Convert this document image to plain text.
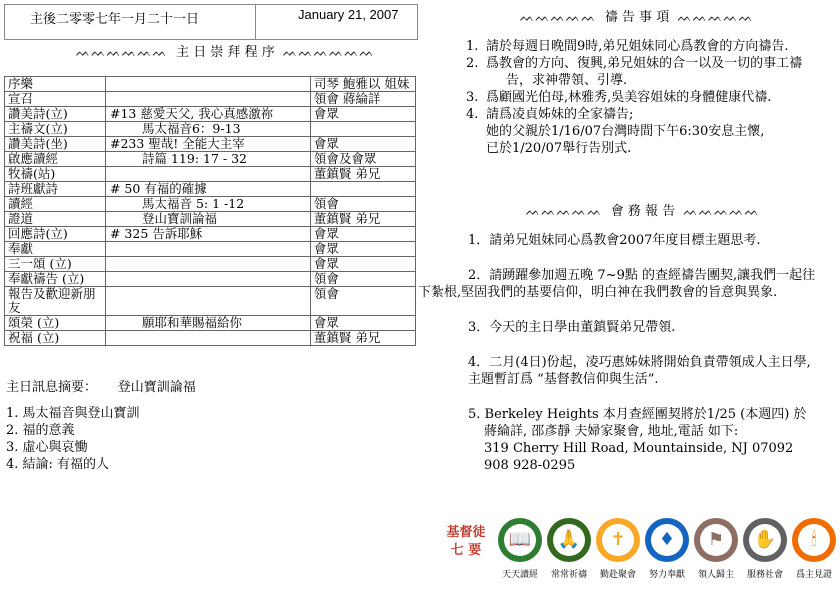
主後二零零七年一月二十一日	January 21, 2007
ᨓᨓᨓᨓᨓᨓ 主 日 崇 拜 程 序 ᨓᨓᨓᨓᨓᨓ
序樂		司琴 鮑雅以 姐妹
宣召		領會 蔣綸詳
讚美詩(立)	#13 慈愛天父, 我心真感激祢	會眾
主禱文(立)	馬太福音6：9-13	
讚美詩(坐)	#233 聖哉! 全能大主宰	會眾
啟應讀經	詩篇 119: 17 - 32	領會及會眾
牧禱(站)		董鎮賢 弟兄
詩班獻詩	# 50 有福的確據	
讀經	馬太福音 5: 1 -12	領會
證道	登山寶訓論福	董鎮賢 弟兄
回應詩(立)	# 325 告訴耶穌	會眾
奉獻		會眾
三一頌 (立)		會眾
奉獻禱告 (立)		領會
報告及歡迎新朋友		領會
頌榮 (立)	願耶和華賜福給你	會眾
祝福 (立)		董鎮賢 弟兄
主日訊息摘要： 登山寶訓論福
1. 馬太福音與登山寶訓
2. 福的意義
3. 虛心與哀慟
4. 結論: 有福的人
ᨓᨓᨓᨓᨓ 禱 告 事 項 ᨓᨓᨓᨓᨓ
1. 請於每週日晚間9時,弟兄姐妹同心爲教會的方向禱告.
2. 爲教會的方向、復興,弟兄姐妹的合一以及一切的事工禱
告，求神帶領、引導.
3. 爲顧國光伯母,林雅秀,吳美容姐妹的身體健康代禱.
4. 請爲凌貞姊妹的全家禱告;
她的父親於1/16/07台灣時間下午6:30安息主懷,
已於1/20/07舉行告別式.
ᨓᨓᨓᨓᨓ 會 務 報 告 ᨓᨓᨓᨓᨓ
1．請弟兄姐妹同心爲教會2007年度目標主題思考.
2．請踴躍參加週五晚 7~9點 的查經禱告團契,讓我們一起往
下紮根,堅固我們的基要信仰，明白神在我們教會的旨意與異象.
3．今天的主日學由董鎮賢弟兄帶領.
4．二月(4日)份起，凌巧惠姊妹將開始負責帶領成人主日學,
主題暫訂爲 “基督教信仰與生活”.
5. Berkeley Heights 本月查經團契將於1/25 (本週四) 於
蔣綸詳, 邵彥靜 夫婦家聚會, 地址,電話 如下:
319 Cherry Hill Road, Mountainside, NJ 07092
908 928-0295
基督徒
七 要
📖
天天讀經
🙏
常常祈禱
✝
勤赴聚會
♦
努力奉獻
⚑
領人歸主
✋
服務社會
🕯
爲主見證
